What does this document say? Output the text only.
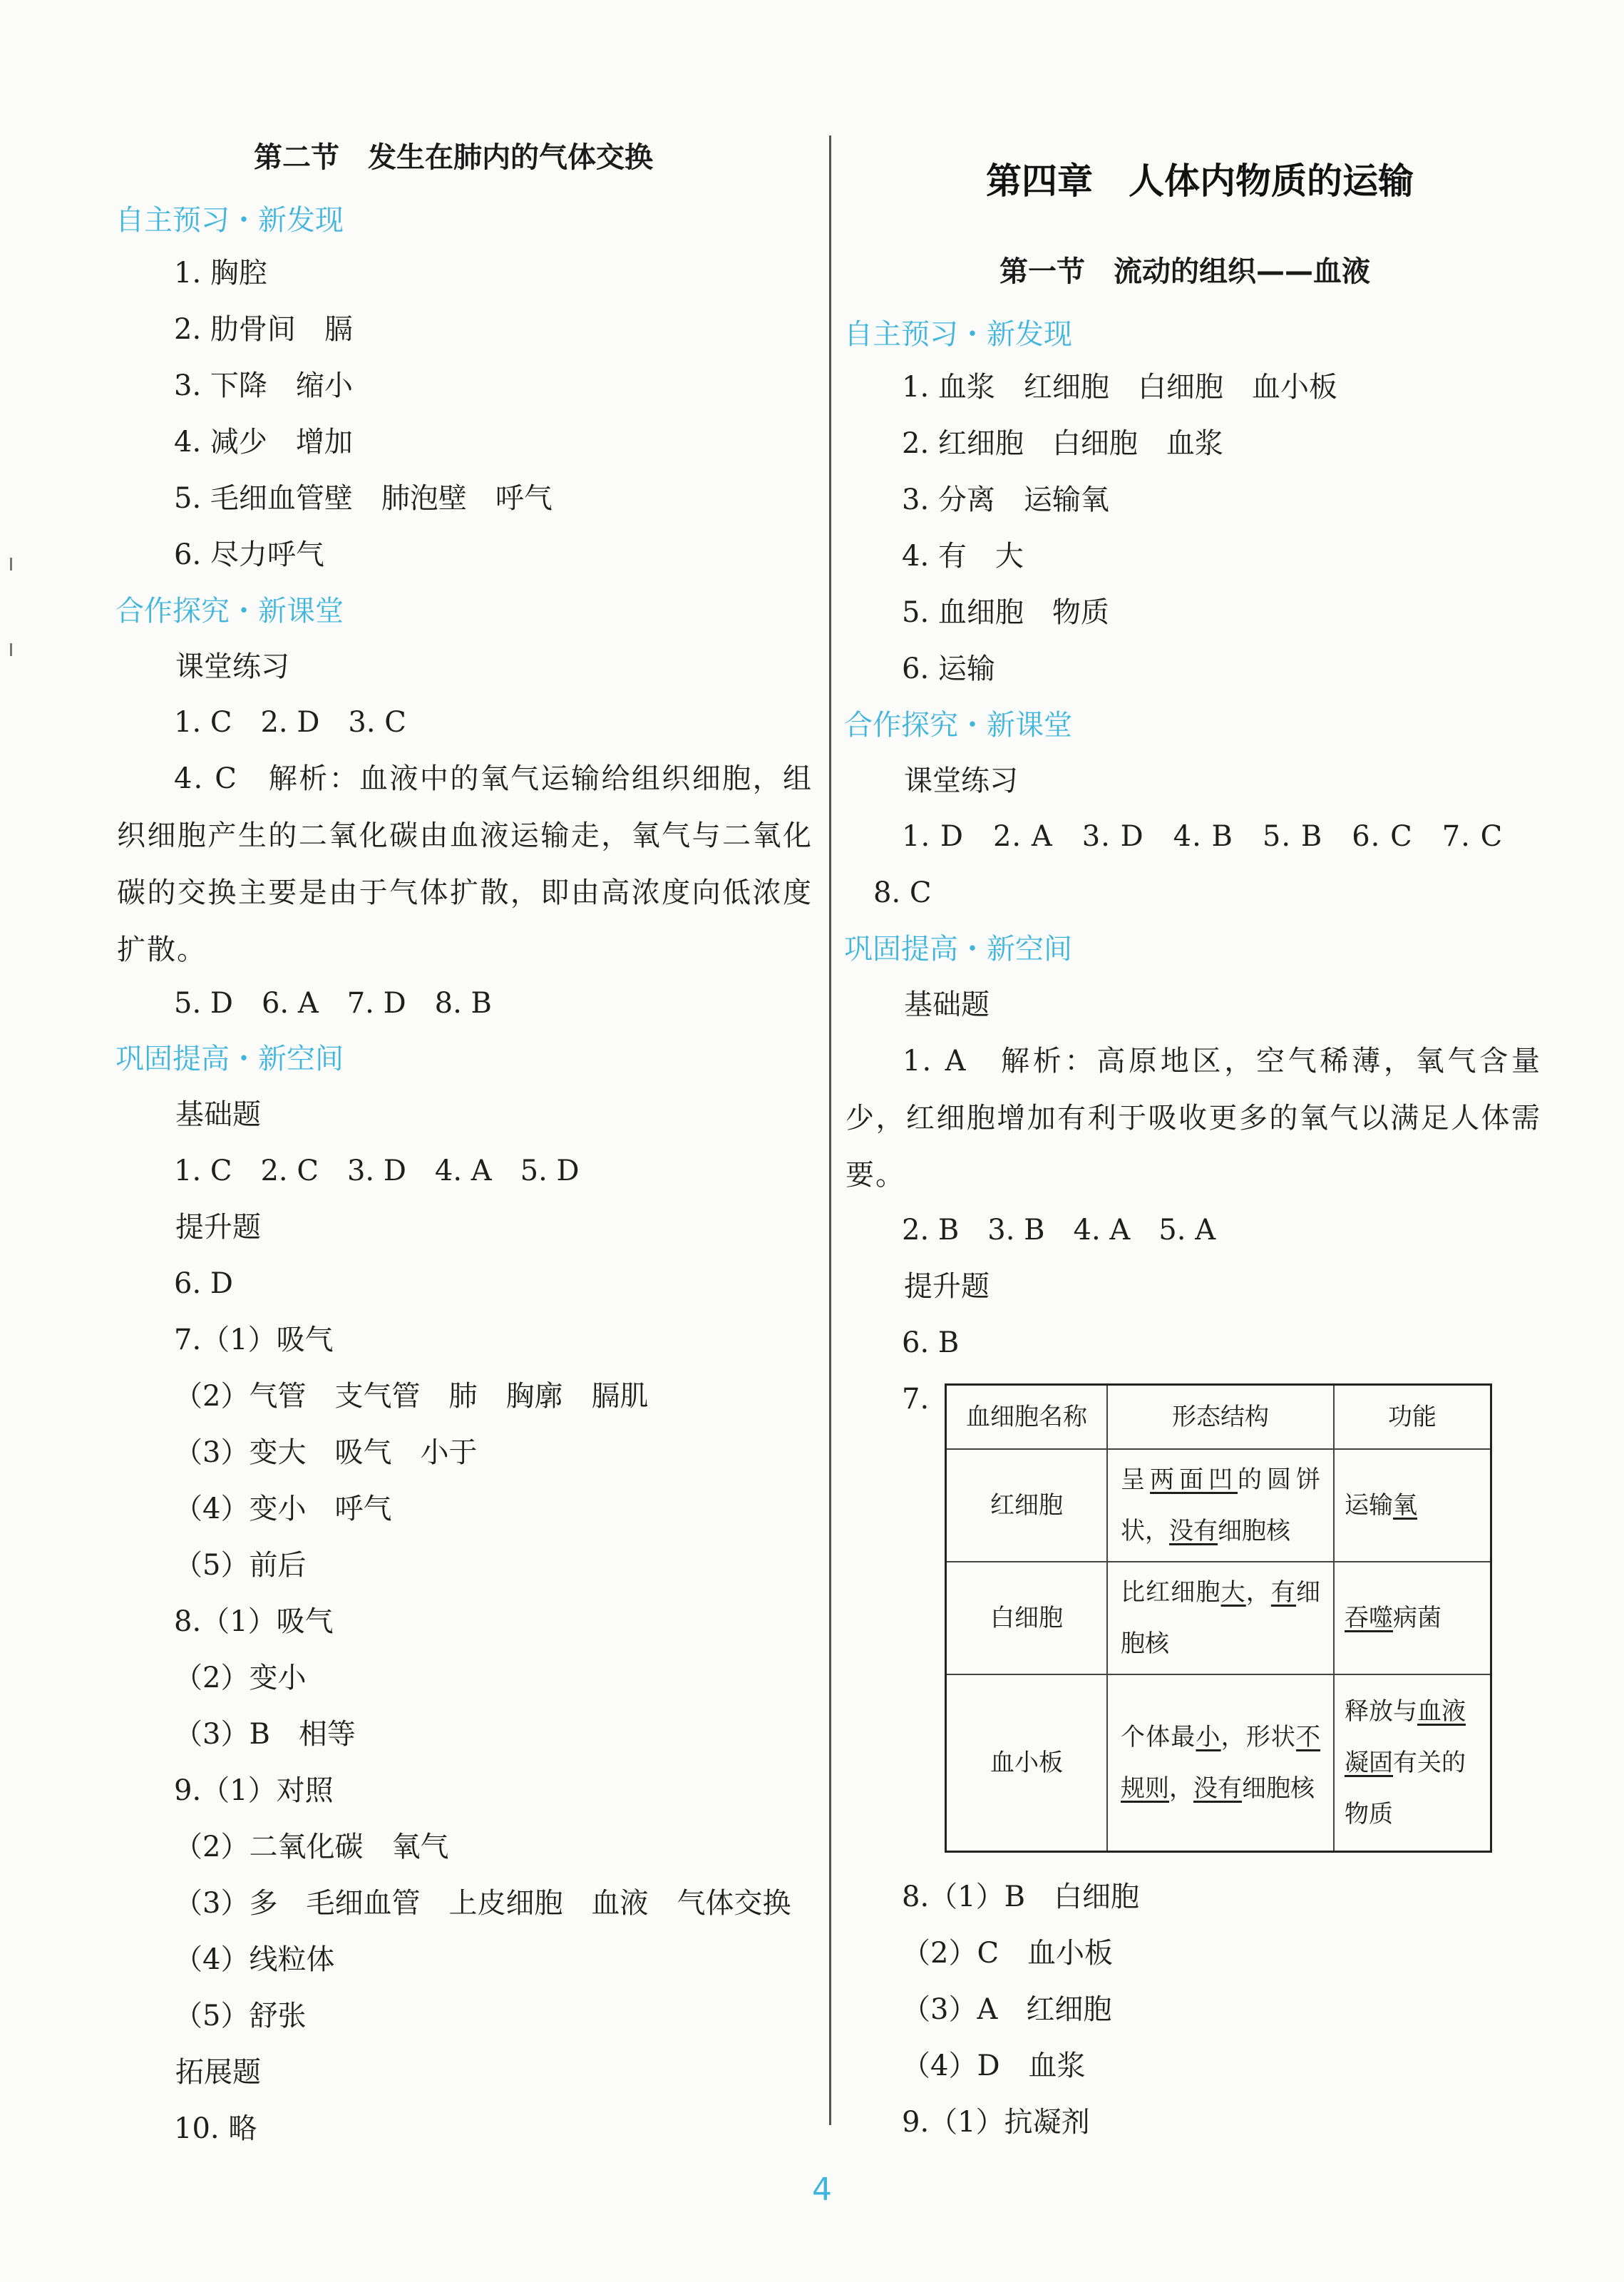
第二节　发生在肺内的气体交换
自主预习・新发现
1. 胸腔
2. 肋骨间　膈
3. 下降　缩小
4. 减少　增加
5. 毛细血管壁　肺泡壁　呼气
6. 尽力呼气
合作探究・新课堂
课堂练习
1. C　2. D　3. C
4. C　解析：血液中的氧气运输给组织细胞，组织细胞产生的二氧化碳由血液运输走，氧气与二氧化碳的交换主要是由于气体扩散，即由高浓度向低浓度扩散。
5. D　6. A　7. D　8. B
巩固提高・新空间
基础题
1. C　2. C　3. D　4. A　5. D
提升题
6. D
7.（1）吸气
（2）气管　支气管　肺　胸廓　膈肌
（3）变大　吸气　小于
（4）变小　呼气
（5）前后
8.（1）吸气
（2）变小
（3）B　相等
9.（1）对照
（2）二氧化碳　氧气
（3）多　毛细血管　上皮细胞　血液　气体交换
（4）线粒体
（5）舒张
拓展题
10. 略
第四章　人体内物质的运输
第一节　流动的组织——血液
自主预习・新发现
1. 血浆　红细胞　白细胞　血小板
2. 红细胞　白细胞　血浆
3. 分离　运输氧
4. 有　大
5. 血细胞　物质
6. 运输
合作探究・新课堂
课堂练习
1. D　2. A　3. D　4. B　5. B　6. C　7. C
8. C
巩固提高・新空间
基础题
1. A　解析：高原地区，空气稀薄，氧气含量少，红细胞增加有利于吸收更多的氧气以满足人体需要。
2. B　3. B　4. A　5. A
提升题
6. B
7.
血细胞名称	形态结构	功能
红细胞	呈两面凹的圆饼状，没有细胞核	运输氧
白细胞	比红细胞大，有细胞核	吞噬病菌
血小板	个体最小，形状不规则，没有细胞核	释放与血液凝固有关的物质
8.（1）B　白细胞
（2）C　血小板
（3）A　红细胞
（4）D　血浆
9.（1）抗凝剂
4
